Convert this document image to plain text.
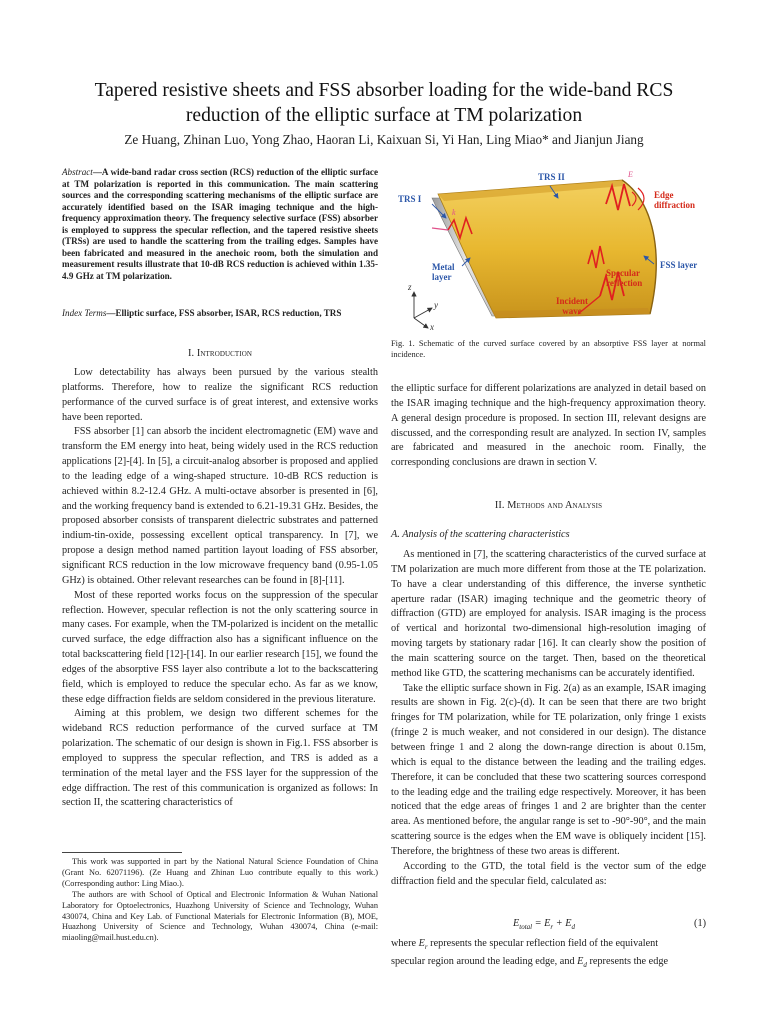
Tapered resistive sheets and FSS absorber loading for the wide-band RCS
reduction of the elliptic surface at TM polarization
Ze Huang, Zhinan Luo, Yong Zhao, Haoran Li, Kaixuan Si, Yi Han, Ling Miao* and Jianjun Jiang
Abstract—A wide-band radar cross section (RCS) reduction of the elliptic surface at TM polarization is reported in this communication. The main scattering sources and the corresponding scattering mechanisms of the elliptic surface are accurately identified based on the ISAR imaging technique and the high-frequency approximation theory. The frequency selective surface (FSS) absorber is employed to suppress the specular reflection, and the tapered resistive sheets (TRSs) are used to handle the scattering from the trailing edges. Samples have been fabricated and measured in the anechoic room, both the simulation and measurement results illustrate that 10-dB RCS reduction is achieved within 1.35-4.9 GHz at TM polarization.
Index Terms—Elliptic surface, FSS absorber, ISAR, RCS reduction, TRS
I. Introduction

Low detectability has always been pursued by the various stealth platforms. Therefore, how to realize the significant RCS reduction performance of the curved surface is of great interest, and extensive works have been reported.

FSS absorber [1] can absorb the incident electromagnetic (EM) wave and transform the EM energy into heat, being widely used in the RCS reduction applications [2]-[4]. In [5], a circuit-analog absorber is proposed and applied to the leading edge of a wing-shaped structure. 10-dB RCS reduction is achieved within 8.2-12.4 GHz. A multi-octave absorber is presented in [6], and the working frequency band is extended to 6.21-19.31 GHz. Besides, the proposed absorber consists of transparent dielectric substrates and patterned indium-tin-oxide, possessing excellent optical transparency. In [7], we propose a design method named partition layout loading of FSS absorber, significant RCS reduction in the low microwave frequency band (0.95-1.05 GHz) is obtained. Other relevant researches can be found in [8]-[11].

Most of these reported works focus on the suppression of the specular reflection. However, specular reflection is not the only scattering source in many cases. For example, when the TM-polarized is incident on the metallic curved surface, the edge diffraction also has a significant influence on the total backscattering field [12]-[14]. In our earlier research [15], we found the edges of the absorptive FSS layer also contribute a lot to the backscattering field, which is employed to reduce the specular echo. As far as we know, these edge diffraction fields are seldom considered in the previous literature.

Aiming at this problem, we design two different schemes for the wideband RCS reduction performance of the curved surface at TM polarization. The schematic of our design is shown in Fig.1. FSS absorber is employed to suppress the specular reflection, and TRS is added as a termination of the metal layer and the FSS layer for the suppression of the edge diffraction. The rest of this communication is organized as follows: In section II, the scattering characteristics of

This work was supported in part by the National Natural Science Foundation of China (Grant No. 62071196). (Ze Huang and Zhinan Luo contribute equally to this work.) (Corresponding author: Ling Miao.).

The authors are with School of Optical and Electronic Information & Wuhan National Laboratory for Optoelectronics, Huazhong University of Science and Technology, Wuhan 430074, China and Key Lab. of Functional Materials for Electronic Information (B), MOE, Huazhong University of Science and Technology, Wuhan 430074, China (e-mail: miaoling@mail.hust.edu.cn).

TRS I
TRS II
Edge
diffraction
FSS layer
Metal
layer	Specular
reflection
Incident
wave
z
y
x
k
E
Fig. 1. Schematic of the curved surface covered by an absorptive FSS layer at normal incidence.

the elliptic surface for different polarizations are analyzed in detail based on the ISAR imaging technique and the high-frequency approximation theory. A general design procedure is proposed. In section III, relevant designs are discussed, and the corresponding result are analyzed. In section IV, samples are fabricated and measured in the anechoic room. Finally, the corresponding conclusions are drawn in section V.

II. Methods and Analysis
A. Analysis of the scattering characteristics

As mentioned in [7], the scattering characteristics of the curved surface at TM polarization are much more different from those at the TE polarization. To have a clear understanding of this difference, the inverse synthetic aperture radar (ISAR) imaging technique and the geometric theory of diffraction (GTD) are employed for analysis. ISAR imaging is the process of vertical and horizontal two-dimensional high-resolution imaging of moving targets by stationary radar [16]. It can clearly show the position of the main scattering source on the target. Then, based on the theoretical method like GTD, the scattering mechanisms can be accurately identified.

Take the elliptic surface shown in Fig. 2(a) as an example, ISAR imaging results are shown in Fig. 2(c)-(d). It can be seen that there are two bright fringes for TM polarization, while for TE polarization, only fringe 1 exists (fringe 2 is much weaker, and not considered in our design). The distance between fringe 1 and 2 along the down-range direction is about 0.15m, which is equal to the distance between the leading and the trailing edges. Therefore, it can be concluded that these two scattering sources correspond to the leading edge and the trailing edge respectively. Moreover, it has been noticed that the edge areas of fringes 1 and 2 are brighter than the center area. As mentioned before, the angular range is set to -90°-90°, and the main scattering source is the edges when the EM wave is obliquely incident [15]. Therefore, the brightness of these two areas is different.

According to the GTD, the total field is the vector sum of the edge diffraction field and the specular field, calculated as:

$E_{total} = E_r + E_d$	(1)
where $E_r$ represents the specular reflection field of the equivalent
specular region around the leading edge, and $E_d$ represents the edge
